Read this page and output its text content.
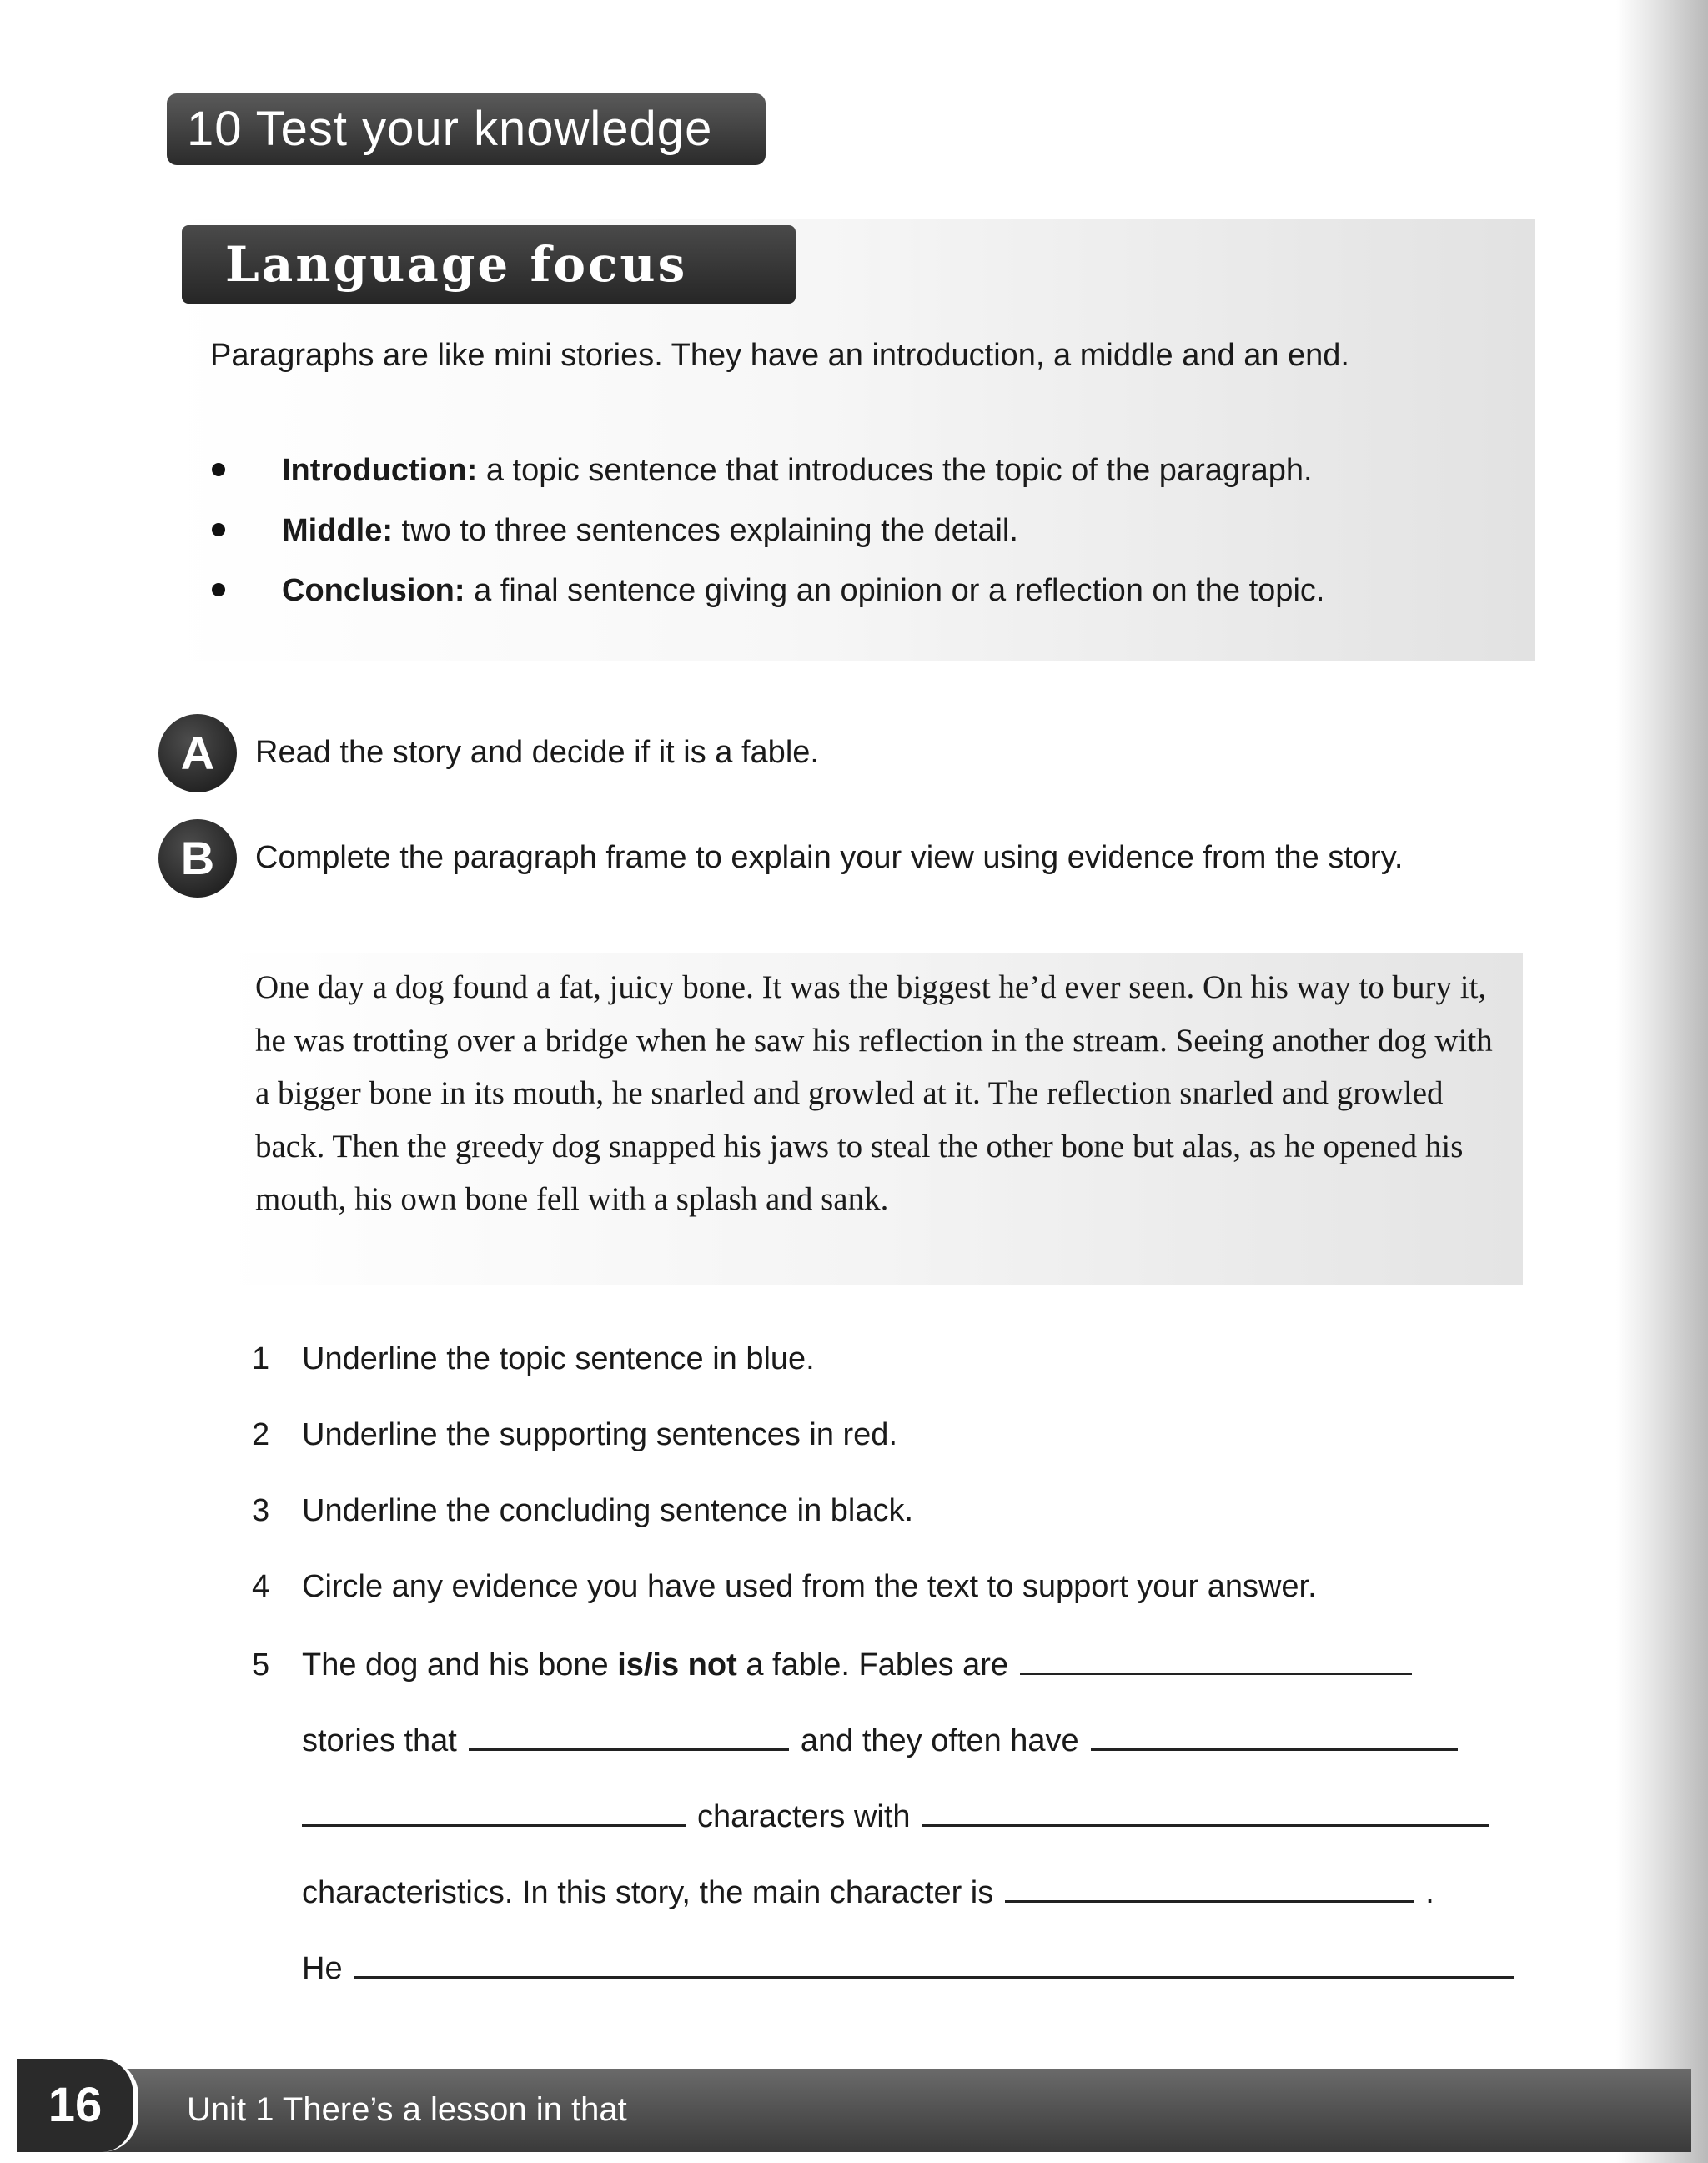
10 Test your knowledge
Language focus
Paragraphs are like mini stories. They have an introduction, a middle and an end.
Introduction: a topic sentence that introduces the topic of the paragraph.
Middle: two to three sentences explaining the detail.
Conclusion: a final sentence giving an opinion or a reflection on the topic.
A	Read the story and decide if it is a fable.
B	Complete the paragraph frame to explain your view using evidence from the story.
One day a dog found a fat, juicy bone. It was the biggest he’d ever seen. On his way to bury it, he was trotting over a bridge when he saw his reflection in the stream. Seeing another dog with a bigger bone in its mouth, he snarled and growled at it. The reflection snarled and growled back. Then the greedy dog snapped his jaws to steal the other bone but alas, as he opened his mouth, his own bone fell with a splash and sank.
1 Underline the topic sentence in blue.
2 Underline the supporting sentences in red.
3 Underline the concluding sentence in black.
4 Circle any evidence you have used from the text to support your answer.
5	The dog and his bone is/is not a fable. Fables are
stories that	and they often have
characters with
characteristics. In this story, the main character is	.
He
16	Unit 1 There’s a lesson in that
